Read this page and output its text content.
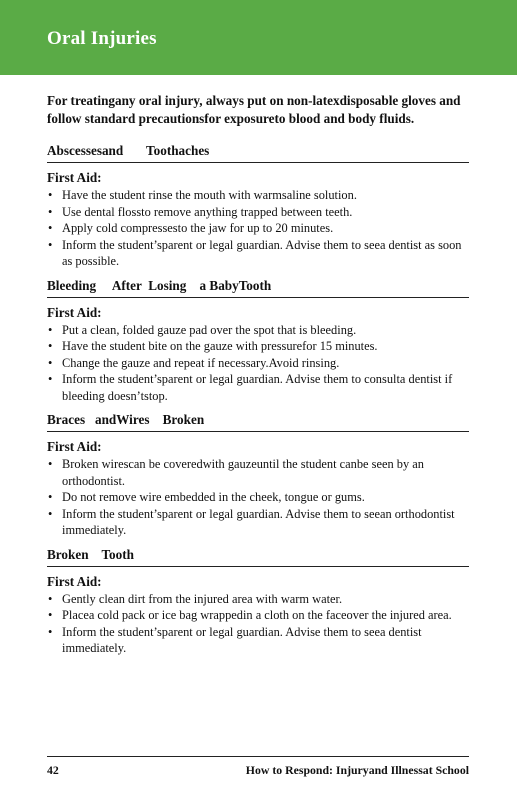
Oral Injuries

For treatingany oral injury, always put on non-latexdisposable gloves and follow standard precautionsfor exposureto blood and body fluids.

Abscessesand       Toothaches
First Aid:
• Have the student rinse the mouth with warmsaline solution.
• Use dental flossto remove anything trapped between teeth.
• Apply cold compressesto the jaw for up to 20 minutes.
• Inform the student’sparent or legal guardian. Advise them to seea dentist as soon as possible.
Bleeding     After  Losing    a BabyTooth
First Aid:
• Put a clean, folded gauze pad over the spot that is bleeding.
• Have the student bite on the gauze with pressurefor 15 minutes.
• Change the gauze and repeat if necessary.Avoid rinsing.
• Inform the student’sparent or legal guardian. Advise them to consulta dentist if bleeding doesn’tstop.
Braces   andWires    Broken
First Aid:
• Broken wirescan be coveredwith gauzeuntil the student canbe seen by an orthodontist.
• Do not remove wire embedded in the cheek, tongue or gums.
• Inform the student’sparent or legal guardian. Advise them to seean orthodontist immediately.
Broken    Tooth
First Aid:
• Gently clean dirt from the injured area with warm water.
• Placea cold pack or ice bag wrappedin a cloth on the faceover the injured area.
• Inform the student’sparent or legal guardian. Advise them to seea dentist immediately.
42	How to Respond: Injuryand Illnessat School
